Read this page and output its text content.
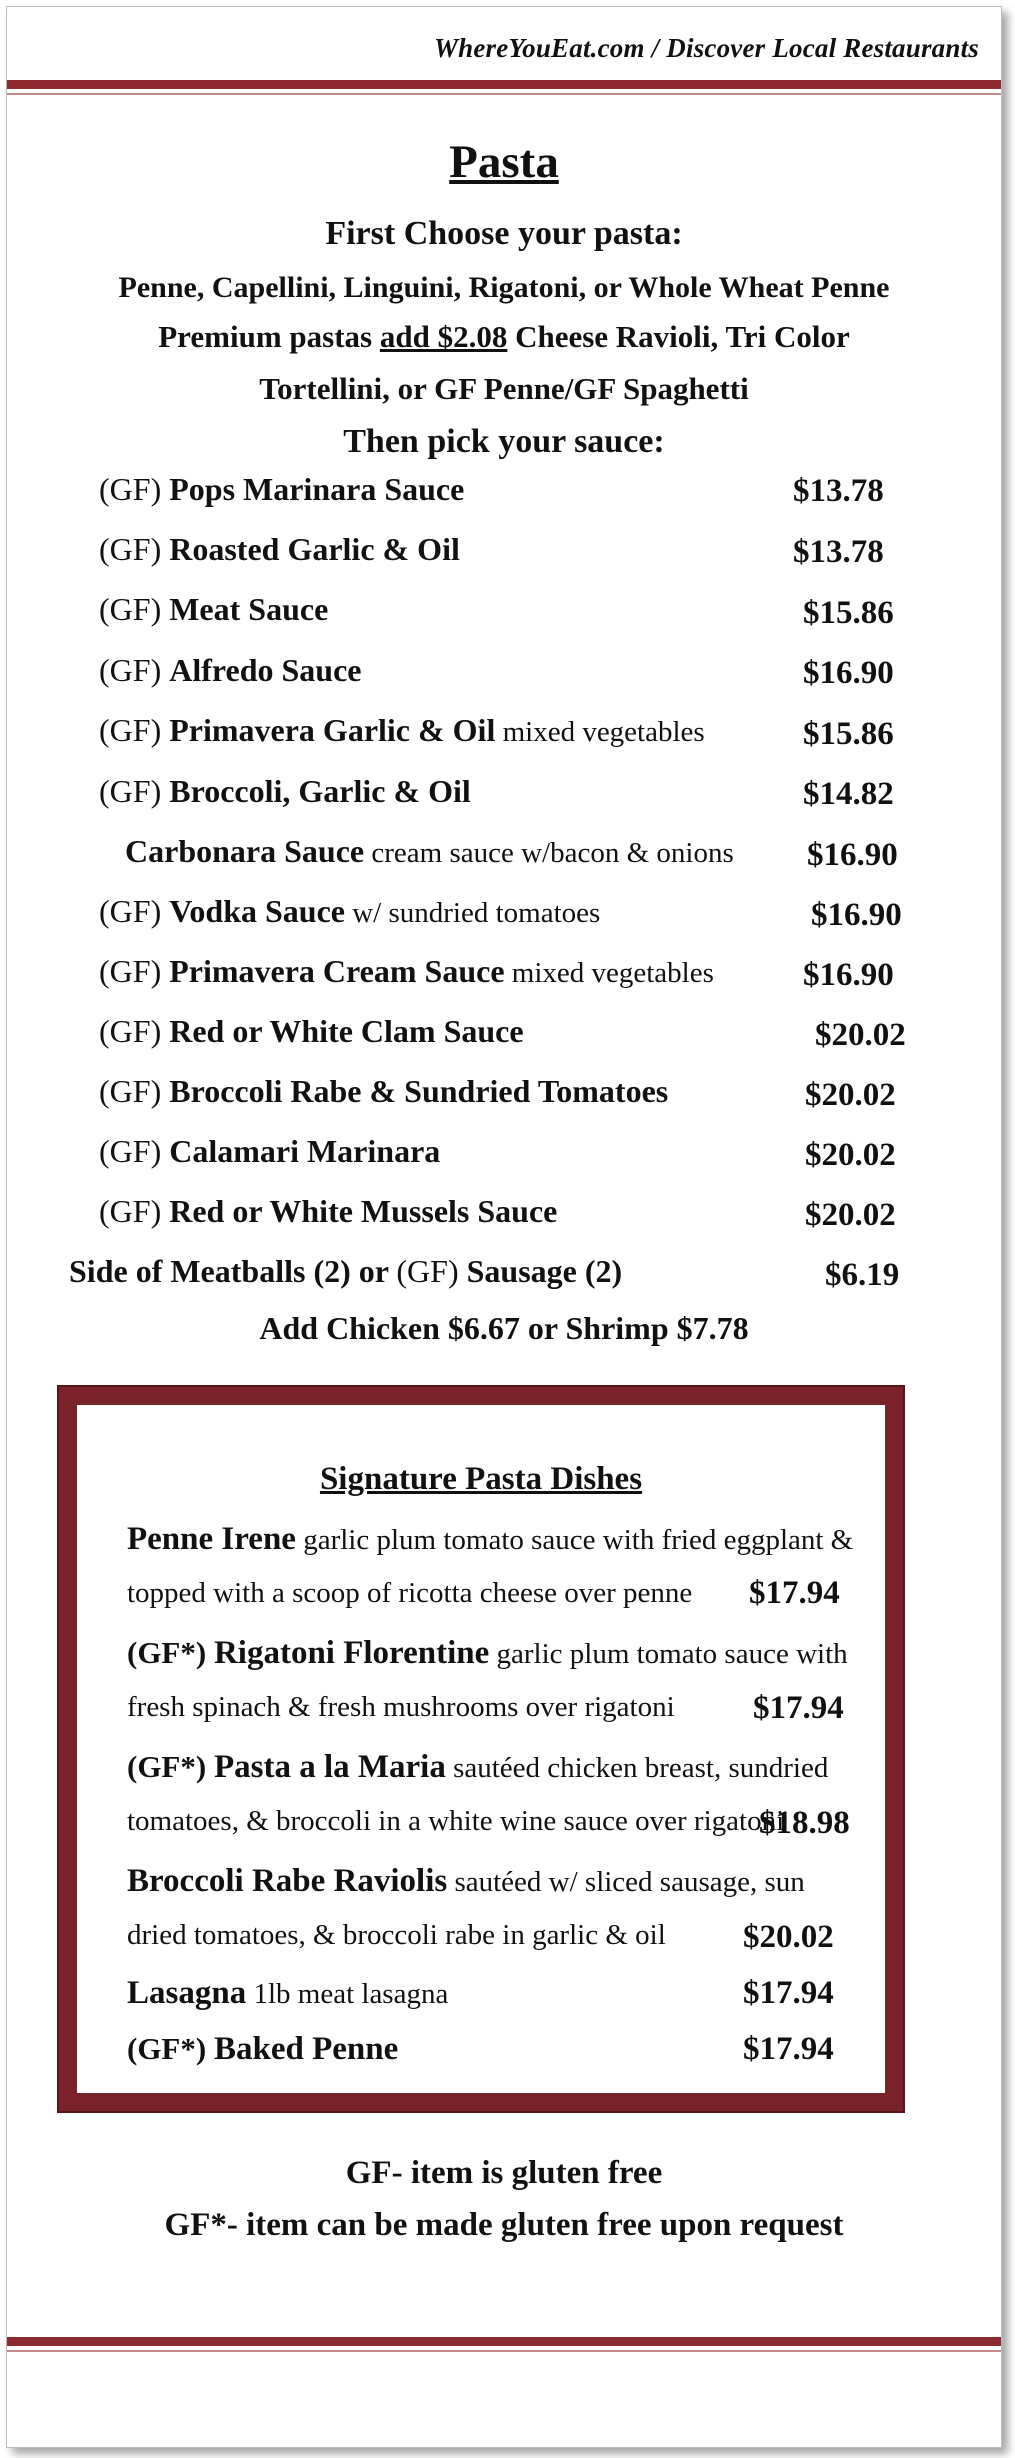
WhereYouEat.com / Discover Local Restaurants
Pasta
First Choose your pasta:
Penne, Capellini, Linguini, Rigatoni, or Whole Wheat Penne
Premium pastas add $2.08 Cheese Ravioli, Tri Color
Tortellini, or GF Penne/GF Spaghetti
Then pick your sauce:
(GF) Pops Marinara Sauce	$13.78
(GF) Roasted Garlic & Oil	$13.78
(GF) Meat Sauce	$15.86
(GF) Alfredo Sauce	$16.90
(GF) Primavera Garlic & Oil mixed vegetables	$15.86
(GF) Broccoli, Garlic & Oil	$14.82
Carbonara Sauce cream sauce w/bacon & onions $16.90
(GF) Vodka Sauce w/ sundried tomatoes	$16.90
(GF) Primavera Cream Sauce mixed vegetables	$16.90
(GF) Red or White Clam Sauce	$20.02
(GF) Broccoli Rabe & Sundried Tomatoes	$20.02
(GF) Calamari Marinara	$20.02
(GF) Red or White Mussels Sauce	$20.02
Side of Meatballs (2) or (GF) Sausage (2)	$6.19
Add Chicken $6.67 or Shrimp $7.78
Signature Pasta Dishes
Penne Irene garlic plum tomato sauce with fried eggplant &
topped with a scoop of ricotta cheese over penne $17.94
(GF*) Rigatoni Florentine garlic plum tomato sauce with
fresh spinach & fresh mushrooms over rigatoni $17.94
(GF*) Pasta a la Maria sautéed chicken breast, sundried
tomatoes, & broccoli in a white wine sauce over rigatoni
$18.98
Broccoli Rabe Raviolis sautéed w/ sliced sausage, sun
dried tomatoes, & broccoli rabe in garlic & oil $20.02
Lasagna 1lb meat lasagna	$17.94
(GF*) Baked Penne	$17.94
GF- item is gluten free
GF*- item can be made gluten free upon request
